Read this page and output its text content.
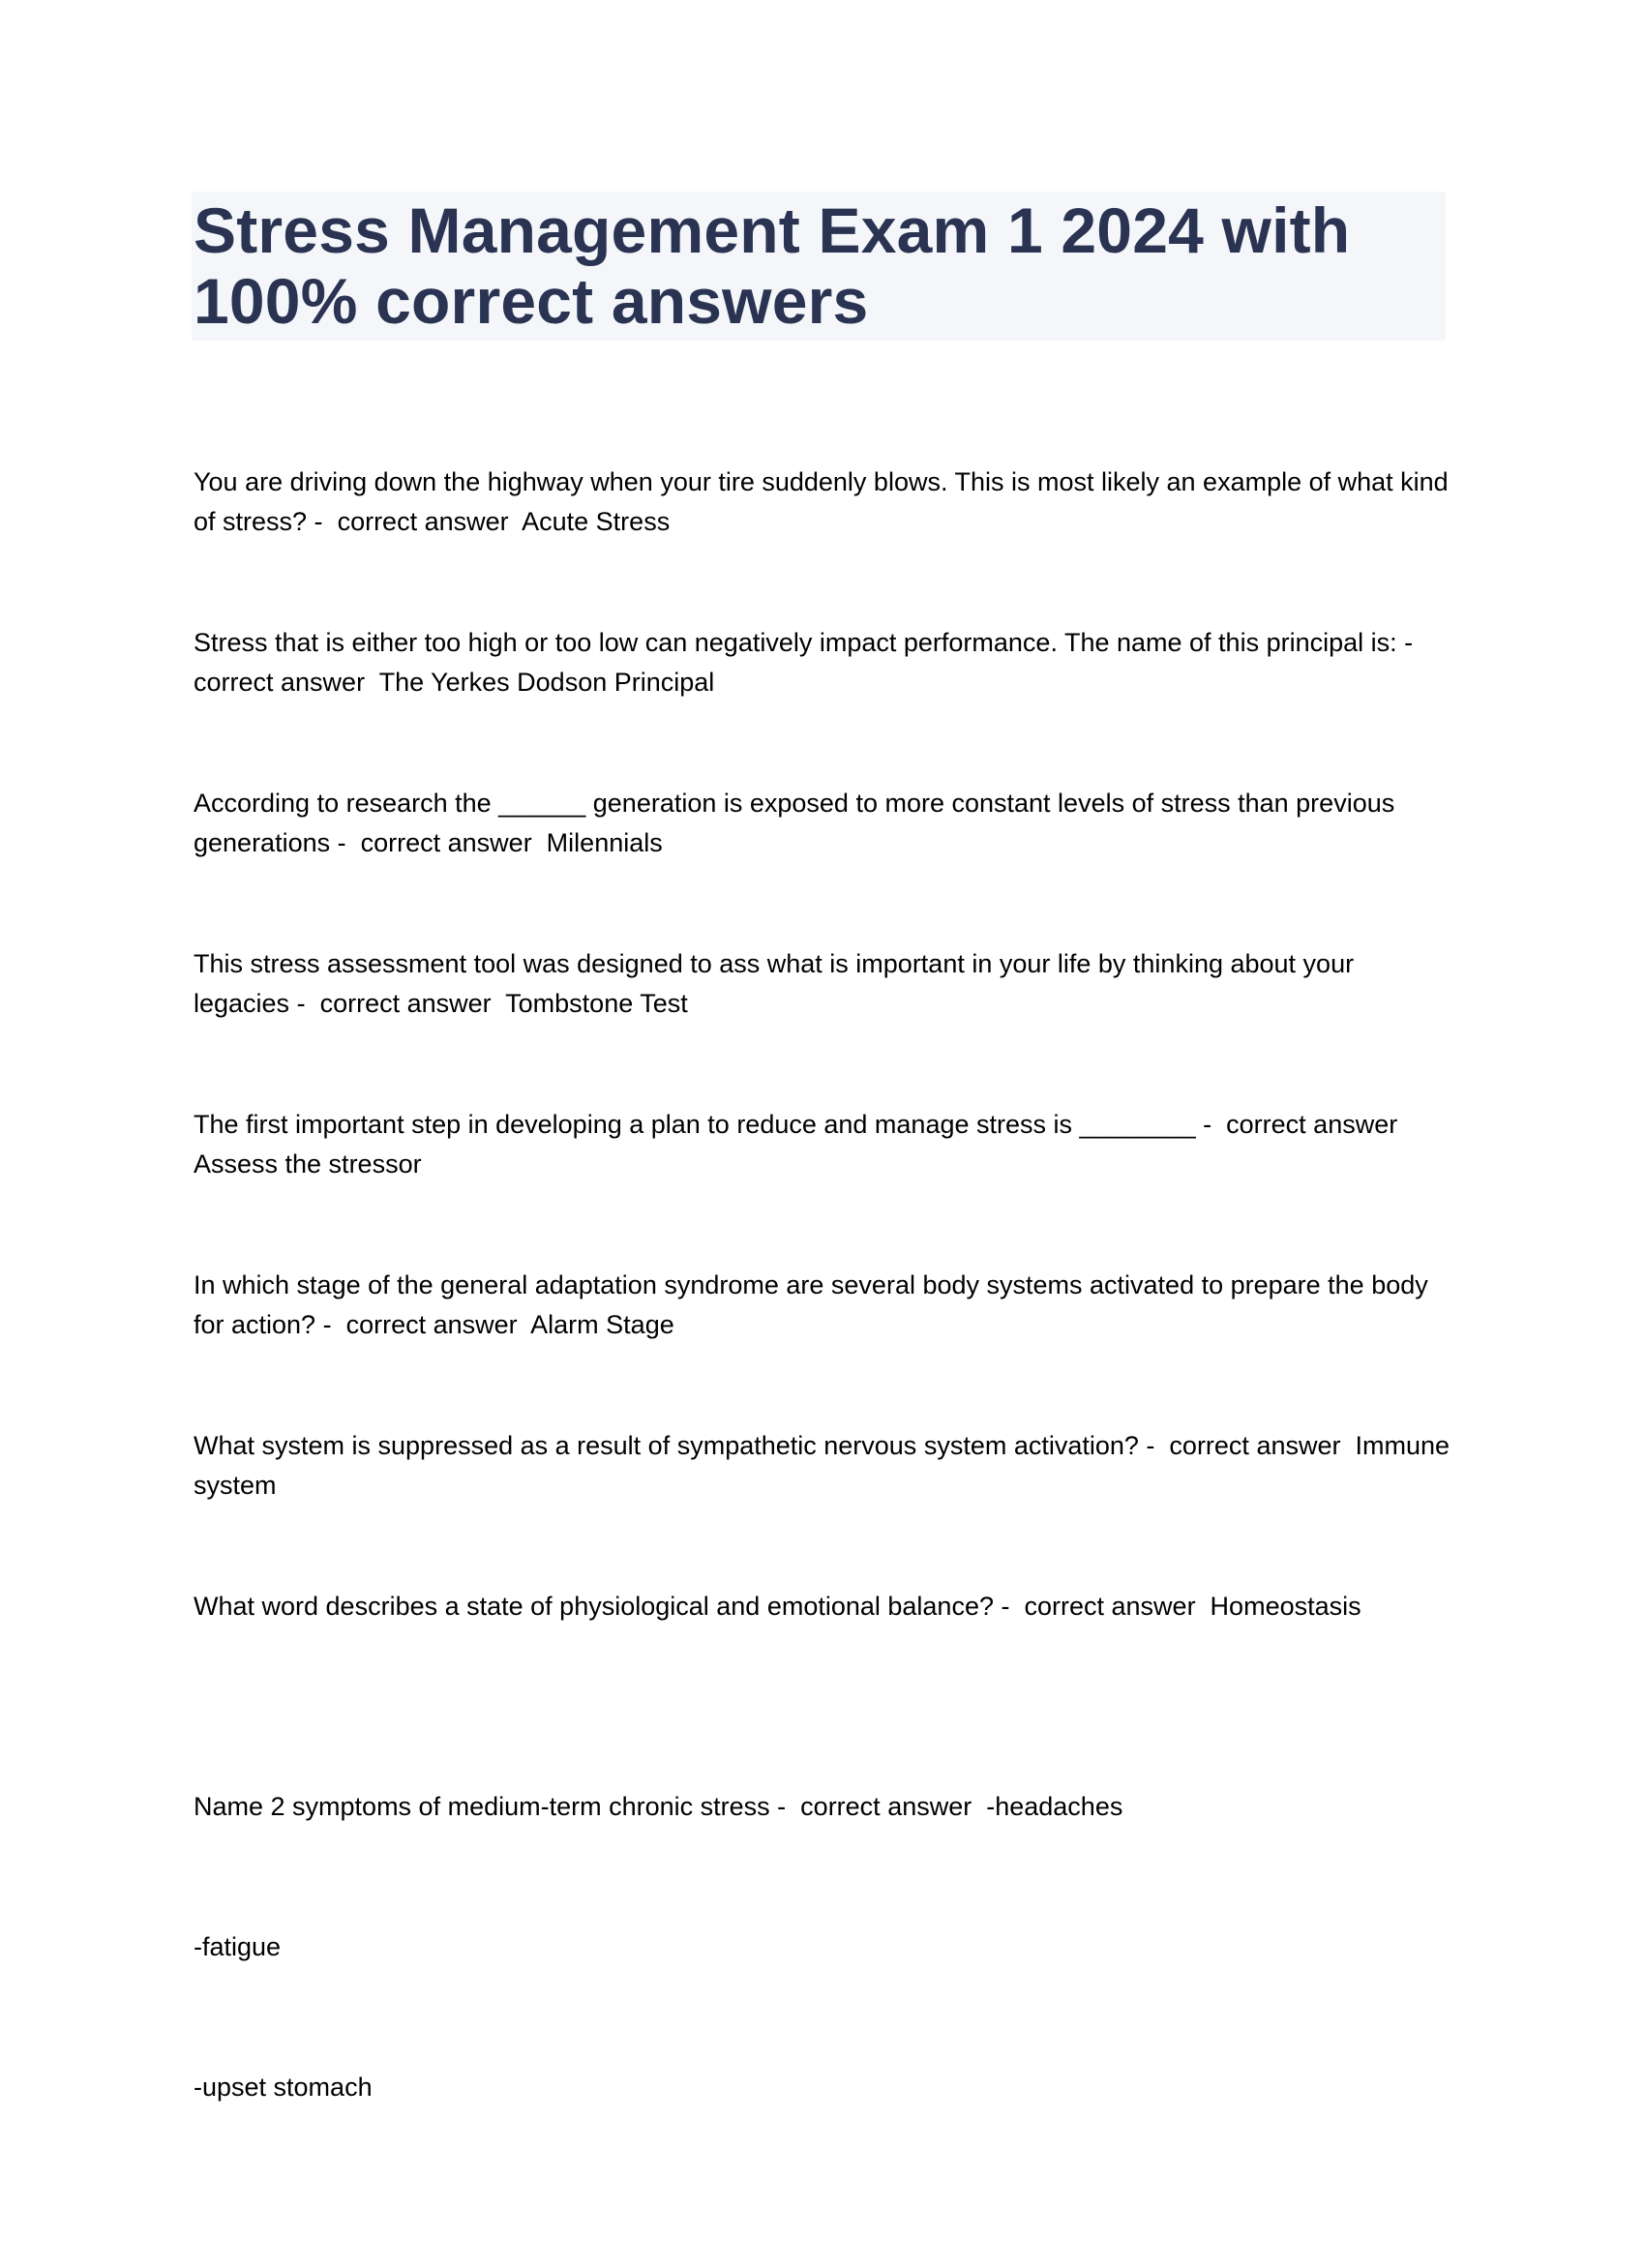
Stress Management Exam 1 2024 with 100% correct answers
You are driving down the highway when your tire suddenly blows. This is most likely an example of what kind of stress? -  correct answer  Acute Stress
Stress that is either too high or too low can negatively impact performance. The name of this principal is: -  correct answer  The Yerkes Dodson Principal
According to research the ______ generation is exposed to more constant levels of stress than previous generations -  correct answer  Milennials
This stress assessment tool was designed to ass what is important in your life by thinking about your legacies -  correct answer  Tombstone Test
The first important step in developing a plan to reduce and manage stress is ________ -  correct answer  Assess the stressor
In which stage of the general adaptation syndrome are several body systems activated to prepare the body for action? -  correct answer  Alarm Stage
What system is suppressed as a result of sympathetic nervous system activation? -  correct answer  Immune system
What word describes a state of physiological and emotional balance? -  correct answer  Homeostasis

Name 2 symptoms of medium-term chronic stress -  correct answer  -headaches

-fatigue

-upset stomach
